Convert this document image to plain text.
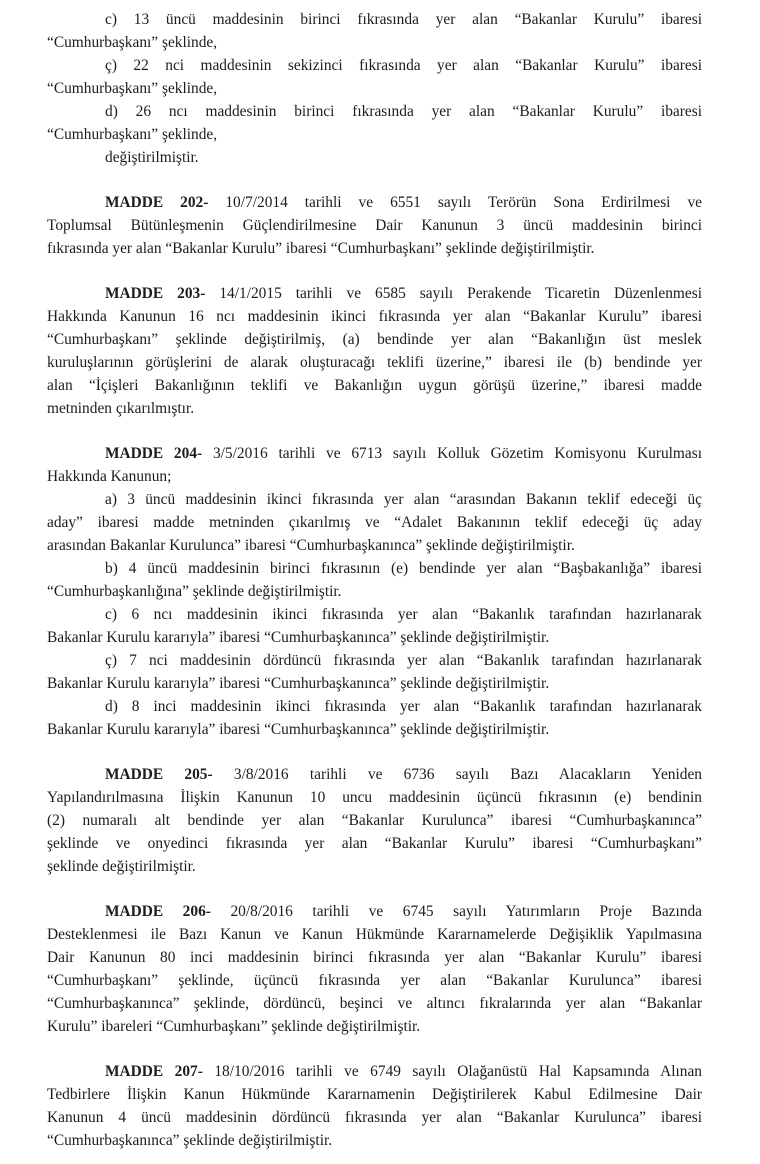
c) 13 üncü maddesinin birinci fıkrasında yer alan “Bakanlar Kurulu” ibaresi
“Cumhurbaşkanı” şeklinde,
ç) 22 nci maddesinin sekizinci fıkrasında yer alan “Bakanlar Kurulu” ibaresi
“Cumhurbaşkanı” şeklinde,
d) 26 ncı maddesinin birinci fıkrasında yer alan “Bakanlar Kurulu” ibaresi
“Cumhurbaşkanı” şeklinde,
değiştirilmiştir.
MADDE 202- 10/7/2014 tarihli ve 6551 sayılı Terörün Sona Erdirilmesi ve
Toplumsal Bütünleşmenin Güçlendirilmesine Dair Kanunun 3 üncü maddesinin birinci
fıkrasında yer alan “Bakanlar Kurulu” ibaresi “Cumhurbaşkanı” şeklinde değiştirilmiştir.
MADDE 203- 14/1/2015 tarihli ve 6585 sayılı Perakende Ticaretin Düzenlenmesi
Hakkında Kanunun 16 ncı maddesinin ikinci fıkrasında yer alan “Bakanlar Kurulu” ibaresi
“Cumhurbaşkanı” şeklinde değiştirilmiş, (a) bendinde yer alan “Bakanlığın üst meslek
kuruluşlarının görüşlerini de alarak oluşturacağı teklifi üzerine,” ibaresi ile (b) bendinde yer
alan “İçişleri Bakanlığının teklifi ve Bakanlığın uygun görüşü üzerine,” ibaresi madde
metninden çıkarılmıştır.
MADDE 204- 3/5/2016 tarihli ve 6713 sayılı Kolluk Gözetim Komisyonu Kurulması
Hakkında Kanunun;
a) 3 üncü maddesinin ikinci fıkrasında yer alan “arasından Bakanın teklif edeceği üç
aday” ibaresi madde metninden çıkarılmış ve “Adalet Bakanının teklif edeceği üç aday
arasından Bakanlar Kurulunca” ibaresi “Cumhurbaşkanınca” şeklinde değiştirilmiştir.
b) 4 üncü maddesinin birinci fıkrasının (e) bendinde yer alan “Başbakanlığa” ibaresi
“Cumhurbaşkanlığına” şeklinde değiştirilmiştir.
c) 6 ncı maddesinin ikinci fıkrasında yer alan “Bakanlık tarafından hazırlanarak
Bakanlar Kurulu kararıyla” ibaresi “Cumhurbaşkanınca” şeklinde değiştirilmiştir.
ç) 7 nci maddesinin dördüncü fıkrasında yer alan “Bakanlık tarafından hazırlanarak
Bakanlar Kurulu kararıyla” ibaresi “Cumhurbaşkanınca” şeklinde değiştirilmiştir.
d) 8 inci maddesinin ikinci fıkrasında yer alan “Bakanlık tarafından hazırlanarak
Bakanlar Kurulu kararıyla” ibaresi “Cumhurbaşkanınca” şeklinde değiştirilmiştir.
MADDE 205- 3/8/2016 tarihli ve 6736 sayılı Bazı Alacakların Yeniden
Yapılandırılmasına İlişkin Kanunun 10 uncu maddesinin üçüncü fıkrasının (e) bendinin
(2) numaralı alt bendinde yer alan “Bakanlar Kurulunca” ibaresi “Cumhurbaşkanınca”
şeklinde ve onyedinci fıkrasında yer alan “Bakanlar Kurulu” ibaresi “Cumhurbaşkanı”
şeklinde değiştirilmiştir.
MADDE 206- 20/8/2016 tarihli ve 6745 sayılı Yatırımların Proje Bazında
Desteklenmesi ile Bazı Kanun ve Kanun Hükmünde Kararnamelerde Değişiklik Yapılmasına
Dair Kanunun 80 inci maddesinin birinci fıkrasında yer alan “Bakanlar Kurulu” ibaresi
“Cumhurbaşkanı” şeklinde, üçüncü fıkrasında yer alan “Bakanlar Kurulunca” ibaresi
“Cumhurbaşkanınca” şeklinde, dördüncü, beşinci ve altıncı fıkralarında yer alan “Bakanlar
Kurulu” ibareleri “Cumhurbaşkanı” şeklinde değiştirilmiştir.
MADDE 207- 18/10/2016 tarihli ve 6749 sayılı Olağanüstü Hal Kapsamında Alınan
Tedbirlere İlişkin Kanun Hükmünde Kararnamenin Değiştirilerek Kabul Edilmesine Dair
Kanunun 4 üncü maddesinin dördüncü fıkrasında yer alan “Bakanlar Kurulunca” ibaresi
“Cumhurbaşkanınca” şeklinde değiştirilmiştir.
